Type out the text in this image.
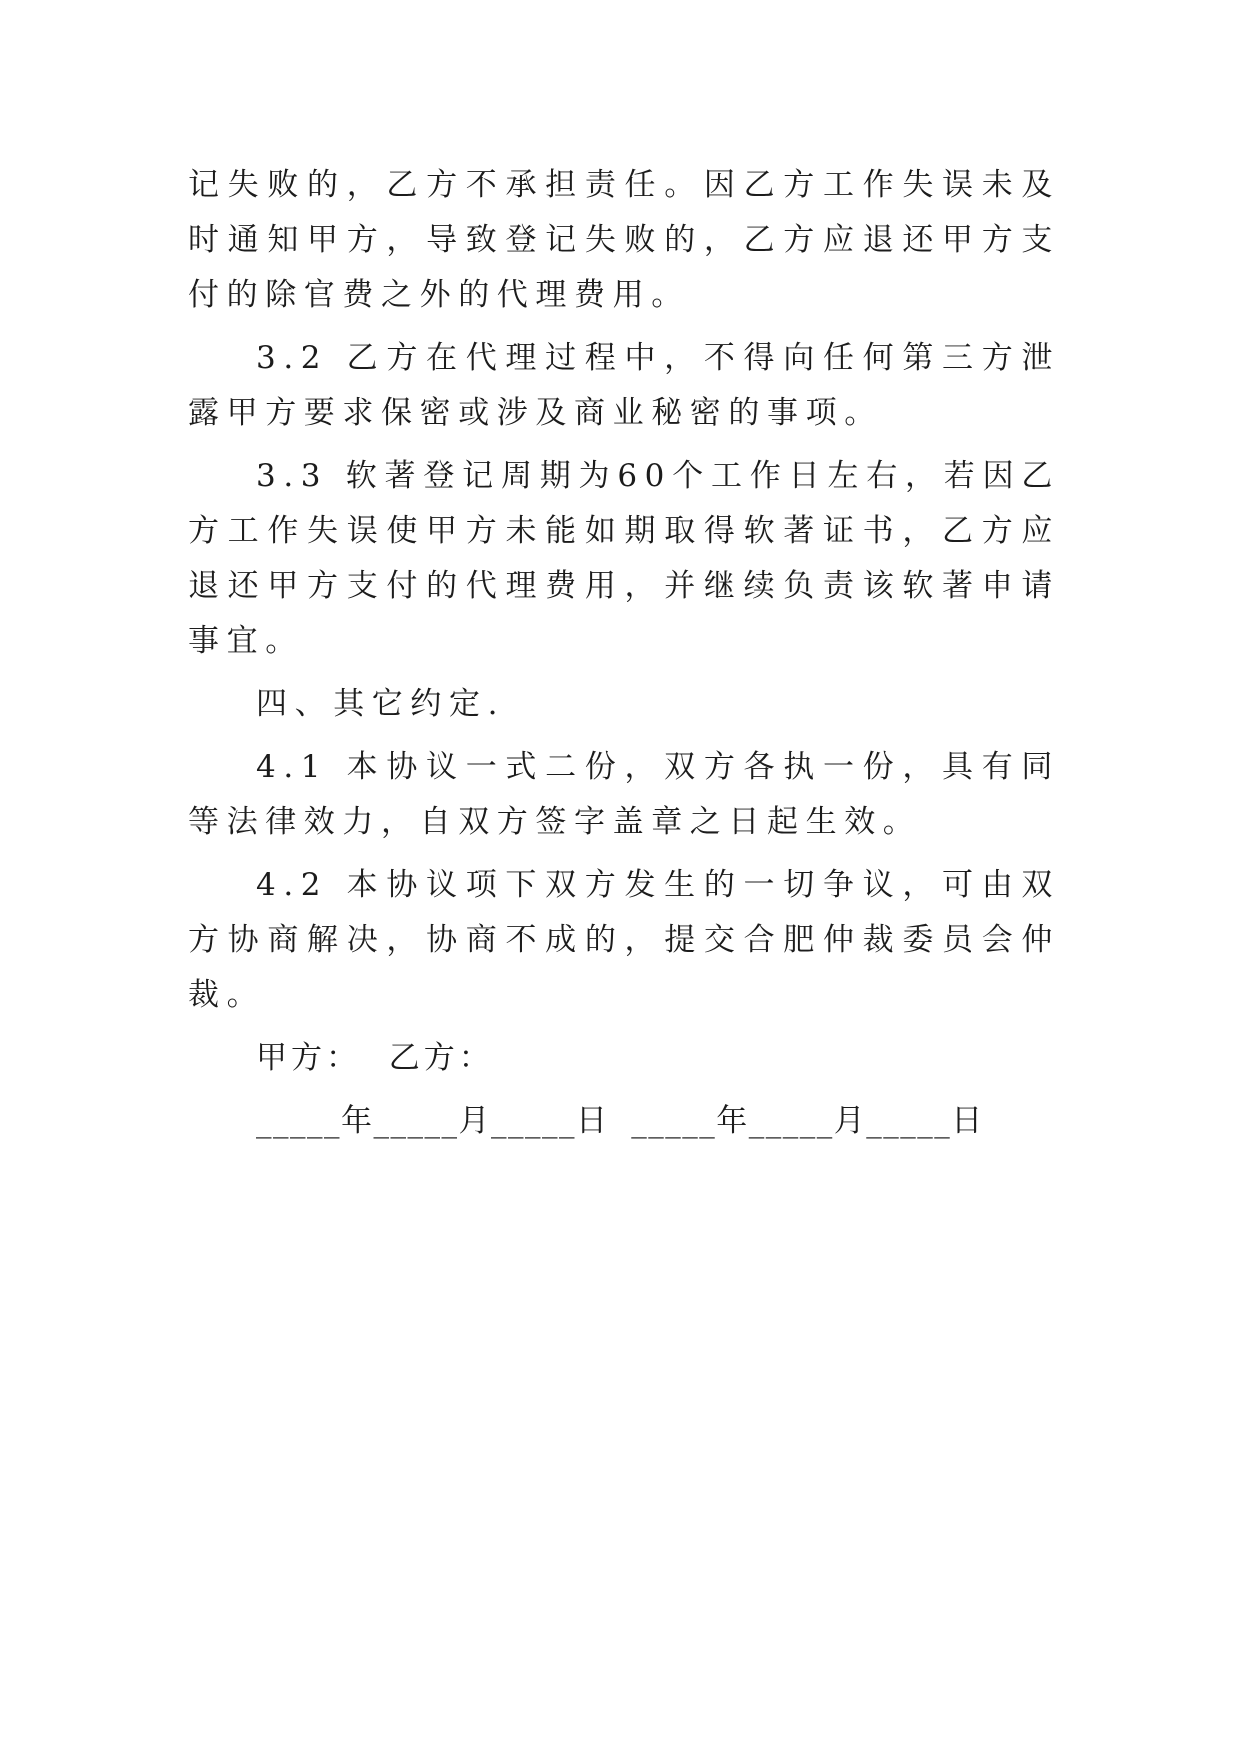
记失败的，乙方不承担责任。因乙方工作失误未及时通知甲方，导致登记失败的，乙方应退还甲方支付的除官费之外的代理费用。

3.2 乙方在代理过程中，不得向任何第三方泄露甲方要求保密或涉及商业秘密的事项。

3.3 软著登记周期为60个工作日左右，若因乙方工作失误使甲方未能如期取得软著证书，乙方应退还甲方支付的代理费用，并继续负责该软著申请事宜。

四、其它约定.

4.1 本协议一式二份，双方各执一份，具有同等法律效力，自双方签字盖章之日起生效。

4.2 本协议项下双方发生的一切争议，可由双方协商解决，协商不成的，提交合肥仲裁委员会仲裁。

甲方：  乙方：

_____年_____月_____日  _____年_____月_____日
